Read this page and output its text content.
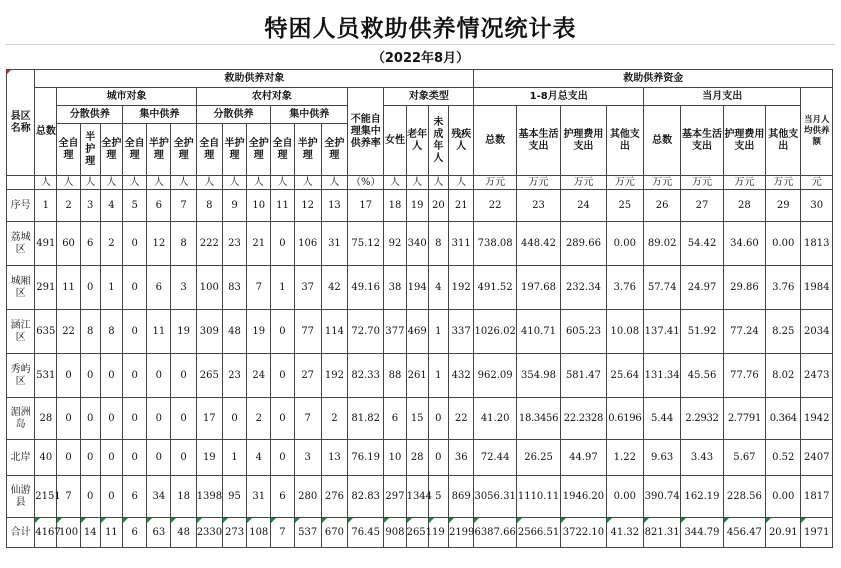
特困人员救助供养情况统计表
（2022年8月）
县区名称	救助供养对象																		救助供养资金								
	总数	城市对象						农村对象						不能自理集中供养率	对象类型				1-8月总支出				当月支出				当月人均供养额
		分散供养			集中供养			分散供养			集中供养				女性	老年人	未成年人	残疾人	总数	基本生活支出	护理费用支出	其他支出	总数	基本生活支出	护理费用支出	其他支出	
		全自理	半护理	全护理	全自理	半护理	全护理	全自理	半护理	全护理	全自理	半护理	全护理														
	人	人	人	人	人	人	人	人	人	人	人	人	人	（%）	人	人	人	人	万元	万元	万元	万元	万元	万元	万元	万元	元
序号	1	2	3	4	5	6	7	8	9	10	11	12	13	17	18	19	20	21	22	23	24	25	26	27	28	29	30
荔城区	491	60	6	2	0	12	8	222	23	21	0	106	31	75.12	92	340	8	311	738.08	448.42	289.66	0.00	89.02	54.42	34.60	0.00	1813
城厢区	291	11	0	1	0	6	3	100	83	7	1	37	42	49.16	38	194	4	192	491.52	197.68	232.34	3.76	57.74	24.97	29.86	3.76	1984
涵江区	635	22	8	8	0	11	19	309	48	19	0	77	114	72.70	377	469	1	337	1026.02	410.71	605.23	10.08	137.41	51.92	77.24	8.25	2034
秀屿区	531	0	0	0	0	0	0	265	23	24	0	27	192	82.33	88	261	1	432	962.09	354.98	581.47	25.64	131.34	45.56	77.76	8.02	2473
湄洲岛	28	0	0	0	0	0	0	17	0	2	0	7	2	81.82	6	15	0	22	41.20	18.3456	22.2328	0.6196	5.44	2.2932	2.7791	0.364	1942
北岸	40	0	0	0	0	0	0	19	1	4	0	3	13	76.19	10	28	0	36	72.44	26.25	44.97	1.22	9.63	3.43	5.67	0.52	2407
仙游县	2151	7	0	0	6	34	18	1398	95	31	6	280	276	82.83	297	1344	5	869	3056.31	1110.11	1946.20	0.00	390.74	162.19	228.56	0.00	1817
合计	4167	100	14	11	6	63	48	2330	273	108	7	537	670	76.45	908	2651	19	2199	6387.66	2566.51	3722.10	41.32	821.31	344.79	456.47	20.91	1971
